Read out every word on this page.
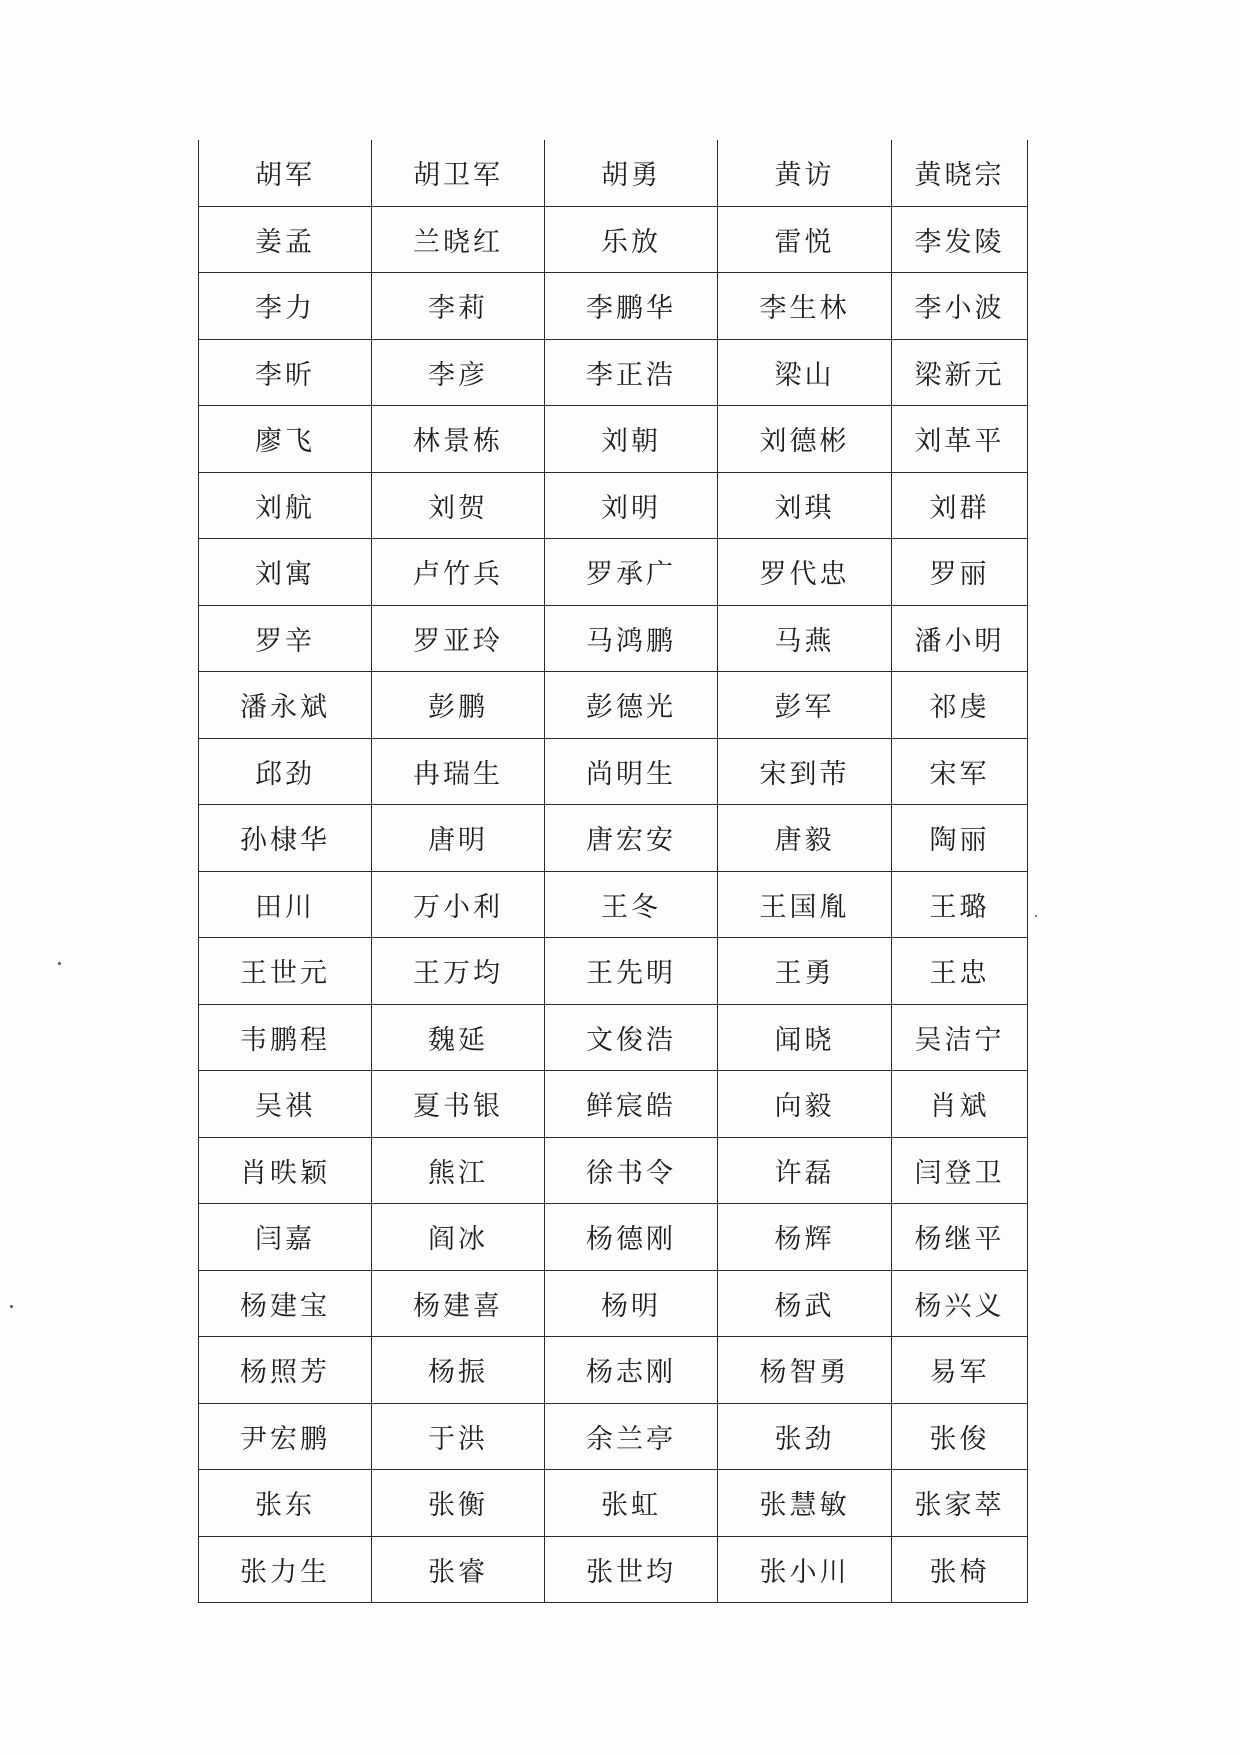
胡军	胡卫军	胡勇	黄访	黄晓宗
姜孟	兰晓红	乐放	雷悦	李发陵
李力	李莉	李鹏华	李生林	李小波
李昕	李彦	李正浩	梁山	梁新元
廖飞	林景栋	刘朝	刘德彬	刘革平
刘航	刘贺	刘明	刘琪	刘群
刘寓	卢竹兵	罗承广	罗代忠	罗丽
罗辛	罗亚玲	马鸿鹏	马燕	潘小明
潘永斌	彭鹏	彭德光	彭军	祁虔
邱劲	冉瑞生	尚明生	宋到芾	宋军
孙棣华	唐明	唐宏安	唐毅	陶丽
田川	万小利	王冬	王国胤	王璐
王世元	王万均	王先明	王勇	王忠
韦鹏程	魏延	文俊浩	闻晓	吴洁宁
吴祺	夏书银	鲜宸皓	向毅	肖斌
肖昳颖	熊江	徐书令	许磊	闫登卫
闫嘉	阎冰	杨德刚	杨辉	杨继平
杨建宝	杨建喜	杨明	杨武	杨兴义
杨照芳	杨振	杨志刚	杨智勇	易军
尹宏鹏	于洪	余兰亭	张劲	张俊
张东	张衡	张虹	张慧敏	张家萃
张力生	张睿	张世均	张小川	张椅
